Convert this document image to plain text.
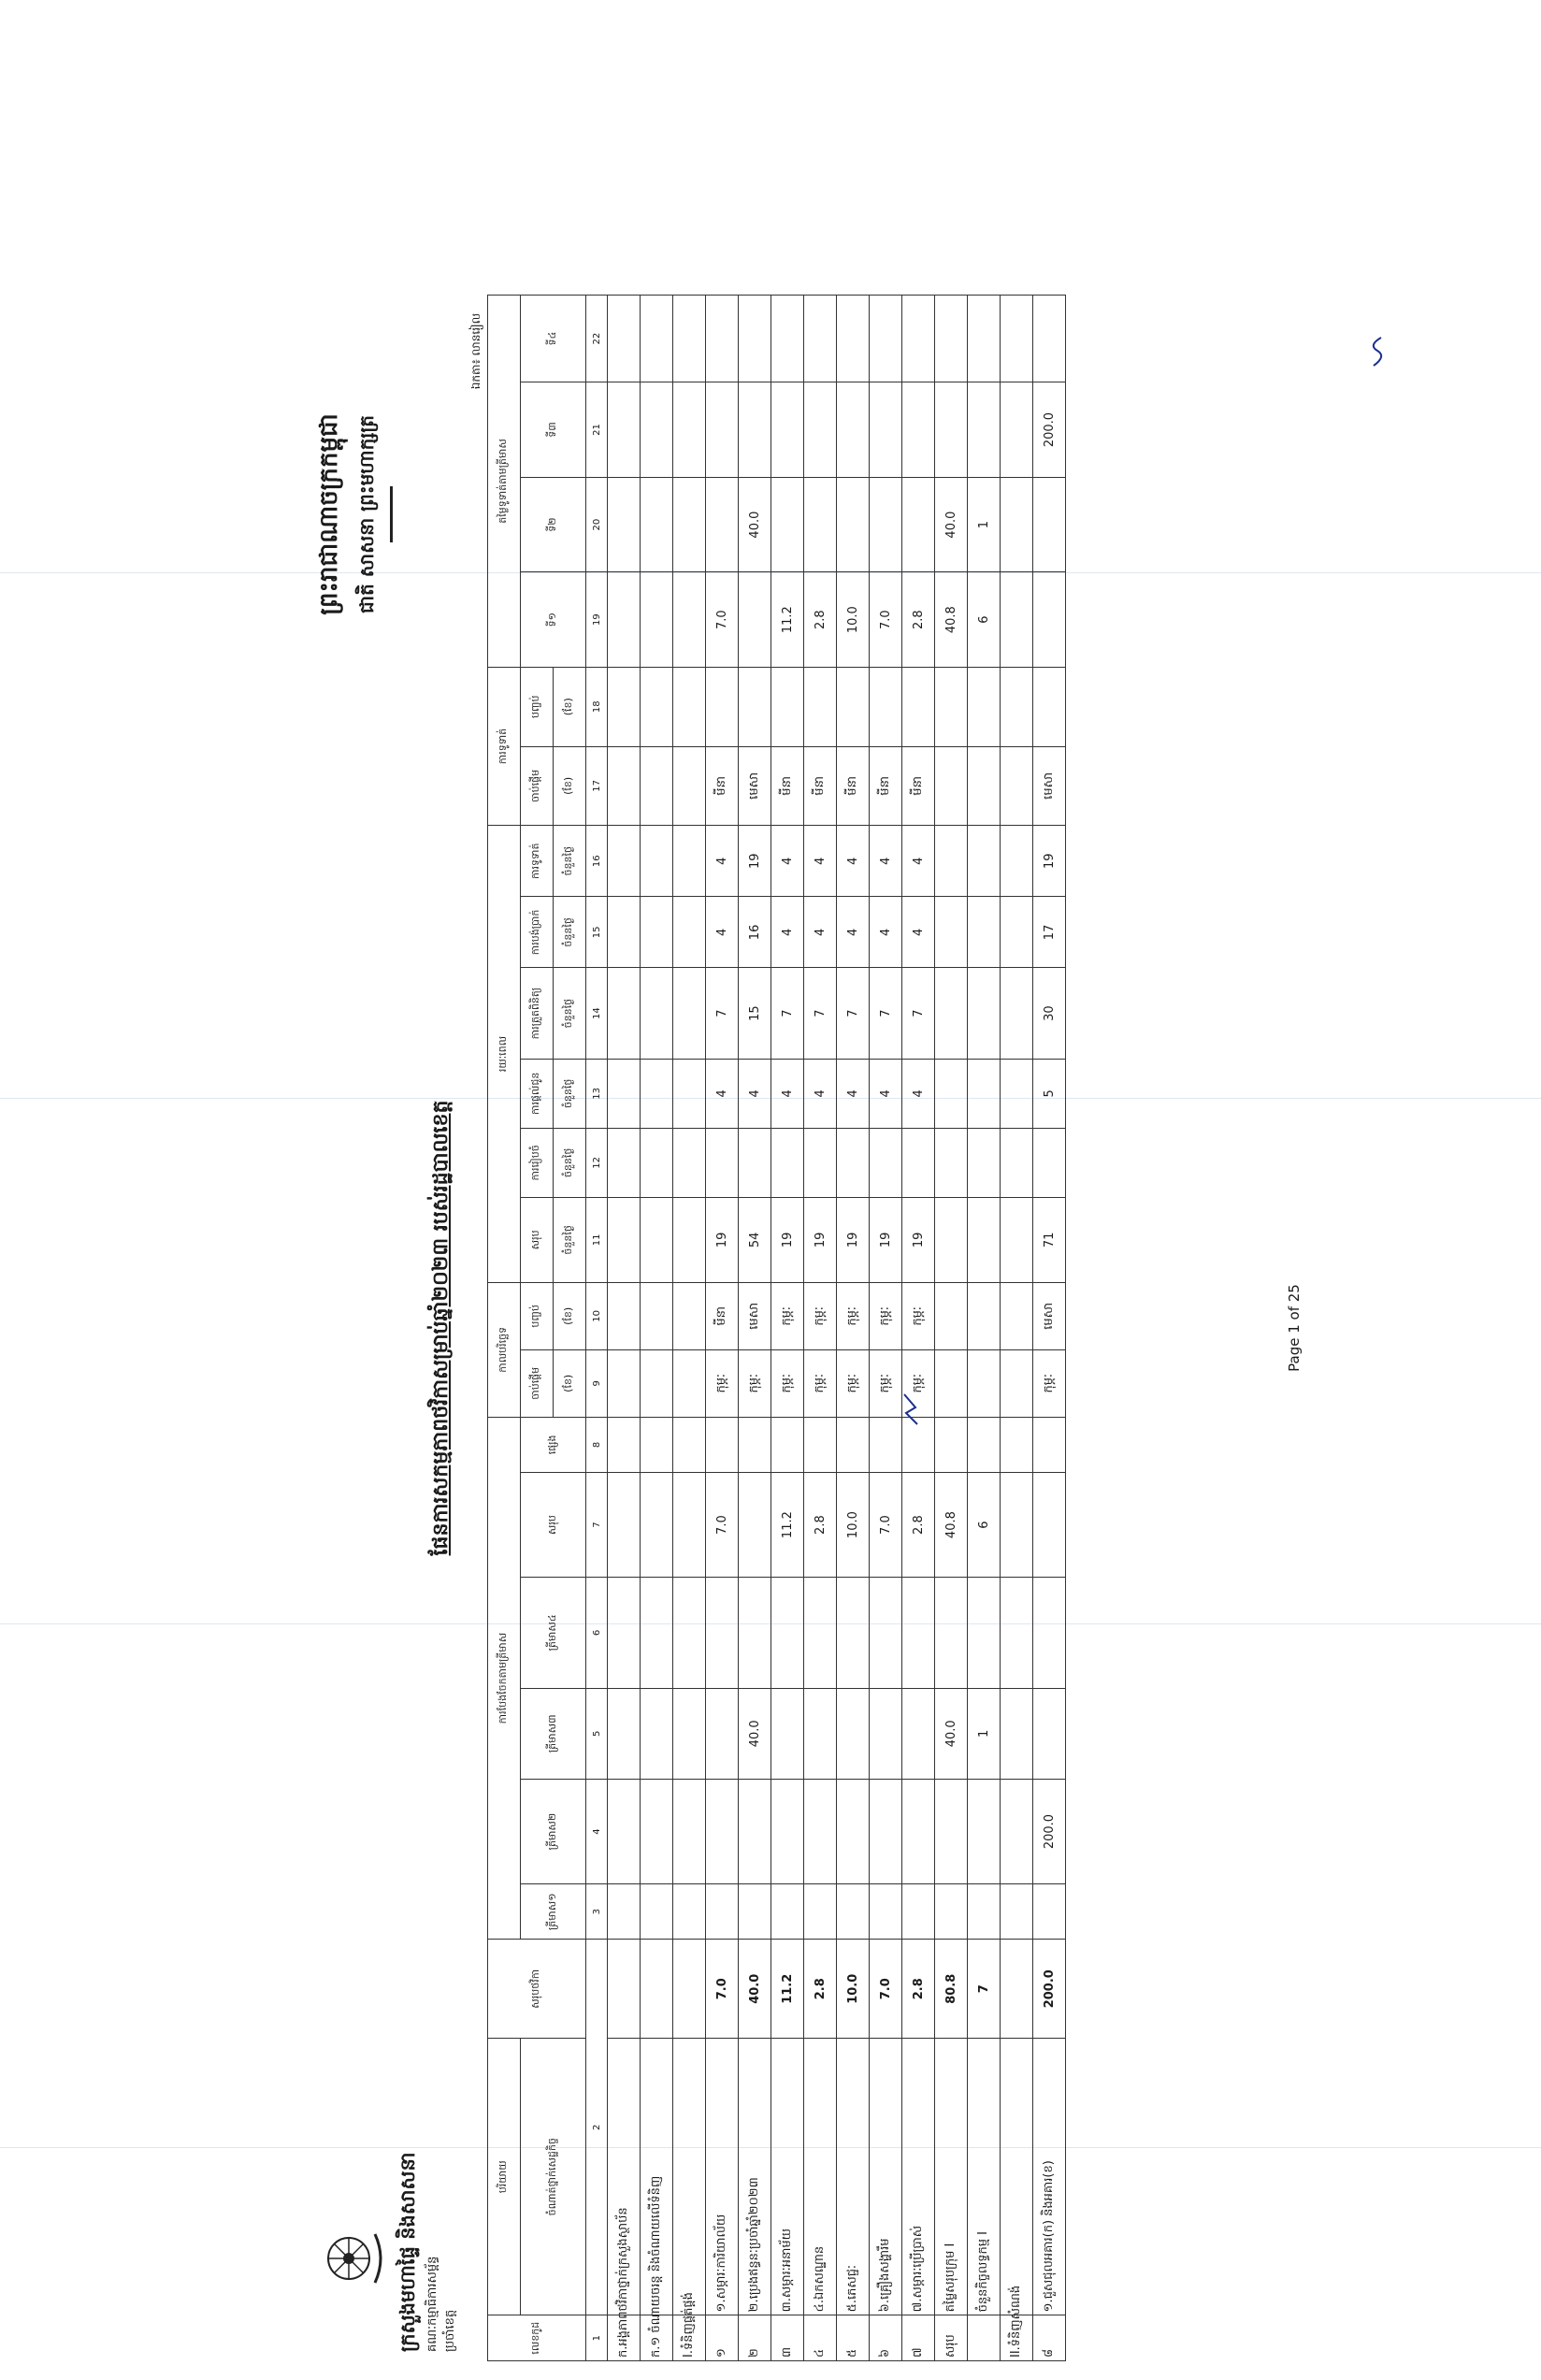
ក្រសួងមហាផ្ទៃ និងសាសនា គណៈកម្មាធិការសម្ព័ន្ធ ប្រចាំខេត្ត
ព្រះរាជាណាចក្រកម្ពុជា ជាតិ សាសនា ព្រះមហាក្សត្រ
ផែនការសកម្មភាពថវិកាសម្រាប់ឆ្នាំ២០២៣ របស់រដ្ឋបាលខេត្ត
ឯកតា៖ លានរៀល
លេខកូដ	បរិយាយ	សរុបថវិកា	ការបែងចែកតាមត្រីមាស						កាលបរិច្ឆេទ		រយៈពេល						ការទូទាត់		តម្លៃទូទាត់តាមត្រីមាស			
	ចំណាត់ថ្នាក់សេដ្ឋកិច្ច		ត្រីមាស១	ត្រីមាស២	ត្រីមាស៣	ត្រីមាស៤	សរុប	ផ្សេង	ចាប់ផ្តើម	បញ្ចប់	សរុប	ការរៀបចំ	ការផ្តល់ជូន	ការត្រួតពិនិត្យ	ការបង់ប្រាក់	ការទូទាត់	ចាប់ផ្តើម	បញ្ចប់	ទី១	ទី២	ទី៣	ទី៤
									(ខែ)	(ខែ)	ចំនួនថ្ងៃ	ចំនួនថ្ងៃ	ចំនួនថ្ងៃ	ចំនួនថ្ងៃ	ចំនួនថ្ងៃ	ចំនួនថ្ងៃ	(ខែ)	(ខែ)				
1	2		3	4	5	6	7	8	9	10	11	12	13	14	15	16	17	18	19	20	21	22
ក.អង្គភាពថវិកាថ្នាក់ក្រសួងស្ថាប័ន																						
ក.១ ចំណាយចរន្ត និងចំណាយលើទំនិញ																						
I.ទំនិញផ្គត់ផ្គង់																						
១	១.សម្ភារៈការិយាល័យ	7.0					7.0		កុម្ភៈ	មីនា	19		4	7	4	4	មីនា		7.0			
២	២.ប្រេងឥន្ធនៈប្រចាំឆ្នាំ២០២៣	40.0			40.0				កុម្ភៈ	មេសា	54		4	15	16	19	មេសា			40.0		
៣	៣.សម្ភារៈអនាម័យ	11.2					11.2		កុម្ភៈ	កុម្ភៈ	19		4	7	4	4	មីនា		11.2			
៤	៤.ឯកសណ្ឋាន	2.8					2.8		កុម្ភៈ	កុម្ភៈ	19		4	7	4	4	មីនា		2.8			
៥	៥.ភេសជ្ជៈ	10.0					10.0		កុម្ភៈ	កុម្ភៈ	19		4	7	4	4	មីនា		10.0			
៦	៦.គ្រឿងសង្ហារឹម	7.0					7.0		កុម្ភៈ	កុម្ភៈ	19		4	7	4	4	មីនា		7.0			
៧	៧.សម្ភារៈប្រើប្រាស់	2.8					2.8		កុម្ភៈ	កុម្ភៈ	19		4	7	4	4	មីនា		2.8			
សរុប	តម្លៃសរុបក្រុម I	80.8			40.0		40.8												40.8	40.0		
	ចំនួនកិច្ចលទ្ធកម្ម I	7			1		6												6	1		
II.ទំនិញសំណង់																						
៨	១.ជួសជុលអគារ(ក) និងអគារ(ខ)	200.0		200.0					កុម្ភៈ	មេសា	71		5	30	17	19	មេសា				200.0	
Page 1 of 25
